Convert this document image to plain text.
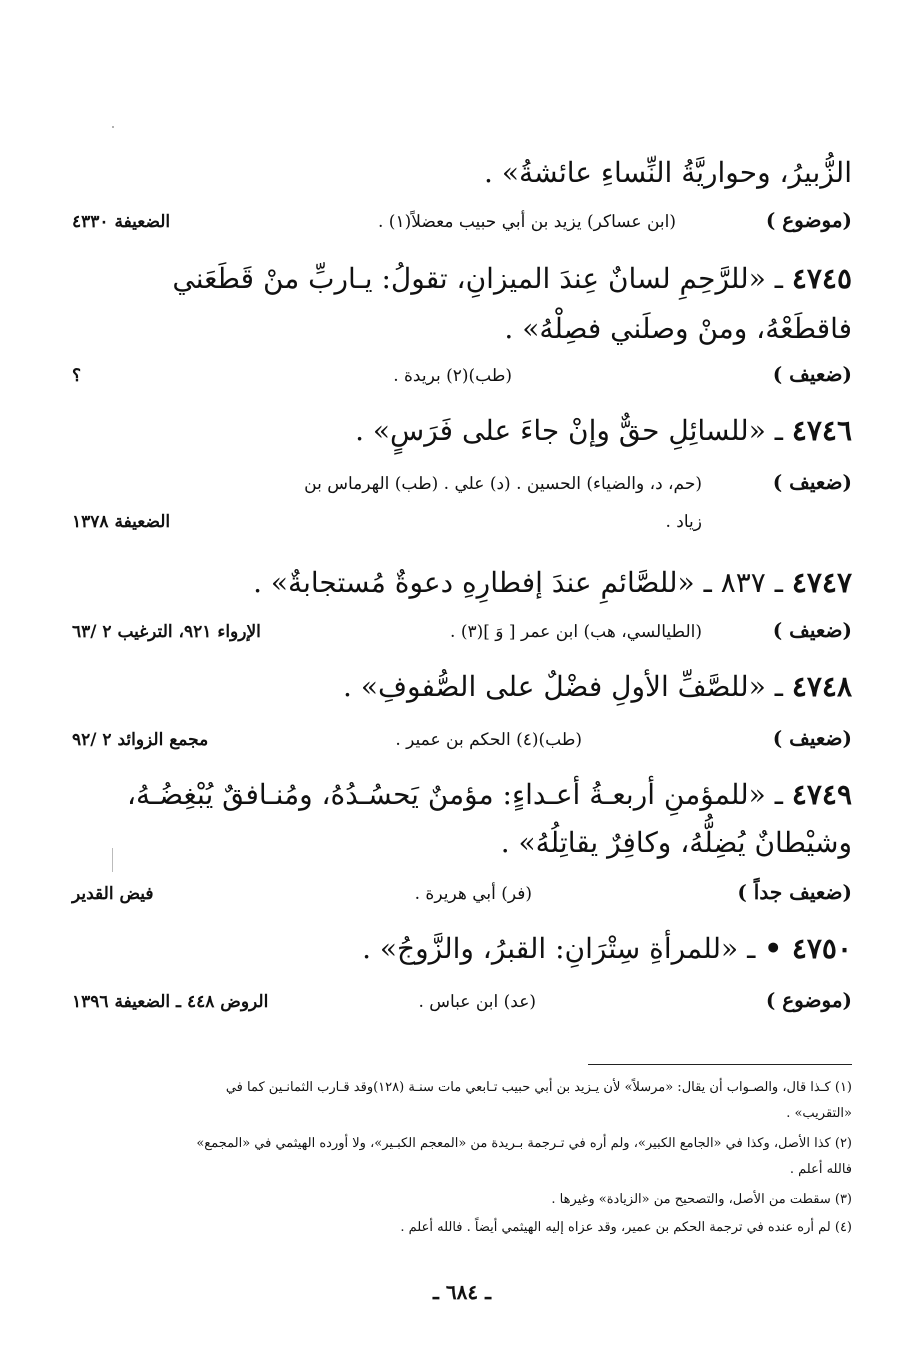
الزُّبيرُ، وحواريَّةُ النِّساءِ عائشةُ» .
(موضوع )
(ابن عساكر) يزيد بن أبي حبيب معضلاً(١) .
الضعيفة ٤٣٣٠
٤٧٤٥ ـ «للرَّحِمِ لسانٌ عِندَ الميزانِ، تقولُ: يـاربِّ منْ قَطَعَني
فاقطَعْهُ، ومنْ وصلَني فصِلْهُ» .
(ضعيف )
(طب)(٢) بريدة .
؟
٤٧٤٦ ـ «للسائِلِ حقٌّ وإنْ جاءَ على فَرَسٍ» .
(ضعيف )
(حم، د، والضياء) الحسين . (د) علي . (طب) الهرماس بن
زياد .
الضعيفة ١٣٧٨
٤٧٤٧ ـ ٨٣٧ ـ «للصَّائمِ عندَ إفطارِهِ دعوةٌ مُستجابةٌ» .
(ضعيف )
(الطيالسي، هب) ابن عمر [ وَ ](٣) .
الإرواء ٩٢١، الترغيب ٢ /٦٣
٤٧٤٨ ـ «للصَّفِّ الأولِ فضْلٌ على الصُّفوفِ» .
(ضعيف )
(طب)(٤) الحكم بن عمير .
مجمع الزوائد ٢ /٩٢
٤٧٤٩ ـ «للمؤمنِ أربعـةُ أعـداءٍ: مؤمنٌ يَحسُـدُهُ، ومُنـافقٌ يُبْغِضُـهُ،
وشيْطانٌ يُضِلُّهُ، وكافِرٌ يقاتِلُهُ» .
(ضعيف جداً )
(فر) أبي هريرة .
فيض القدير
٤٧٥٠ • ـ «للمرأةِ سِتْرَانِ: القبرُ، والزَّوجُ» .
(موضوع )
(عد) ابن عباس .
الروض ٤٤٨ ـ الضعيفة ١٣٩٦
(١) كـذا قال، والصـواب أن يقال: «مرسلاً» لأن يـزيد بن أبي حبيب تـابعي مات سنـة (١٢٨)وقد قـارب الثمانـين كما في
«التقريب» .
(٢) كذا الأصل، وكذا في «الجامع الكبير»، ولم أره في تـرجمة بـريدة من «المعجم الكبـير»، ولا أورده الهيثمي في «المجمع»
فالله أعلم .
(٣) سقطت من الأصل، والتصحيح من «الزيادة» وغيرها .
(٤) لم أره عنده في ترجمة الحكم بن عمير، وقد عزاه إليه الهيثمي أيضاً . فالله أعلم .
ـ ٦٨٤ ـ
